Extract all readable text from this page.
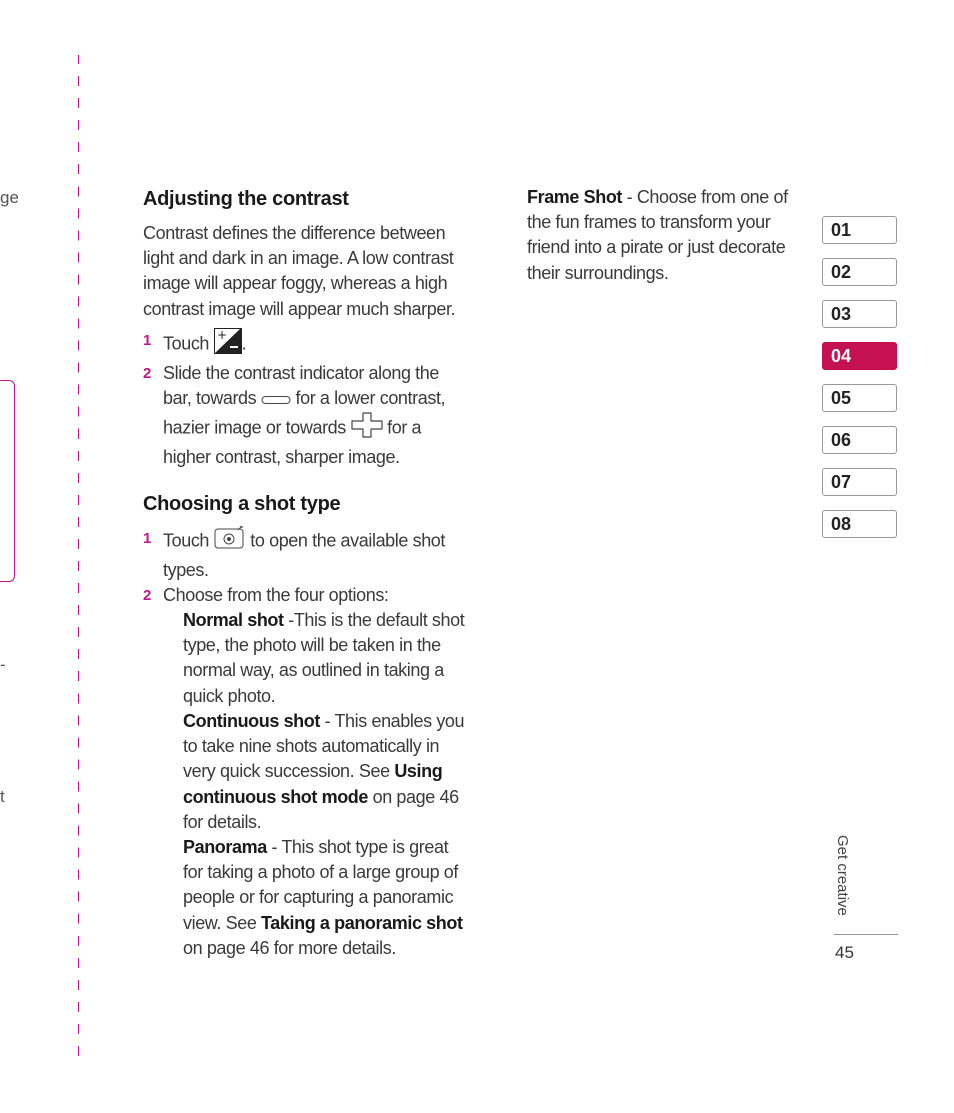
ge
-
t
Adjusting the contrast

Contrast defines the difference between light and dark in an image. A low contrast image will appear foggy, whereas a high contrast image will appear much sharper.

1 Touch + .
2 Slide the contrast indicator along the bar, towards for a lower contrast, hazier image or towards for a higher contrast, sharper image.
Choosing a shot type
1 Touch to open the available shot types.
2 Choose from the four options:

Normal shot -This is the default shot type, the photo will be taken in the normal way, as outlined in taking a quick photo.

Continuous shot - This enables you to take nine shots automatically in very quick succession. See Using continuous shot mode on page 46 for details.

Panorama - This shot type is great for taking a photo of a large group of people or for capturing a panoramic view. See Taking a panoramic shot on page 46 for more details.

Frame Shot - Choose from one of the fun frames to transform your friend into a pirate or just decorate their surroundings.

01
02
03
04
05
06
07
08
Get creative
45
